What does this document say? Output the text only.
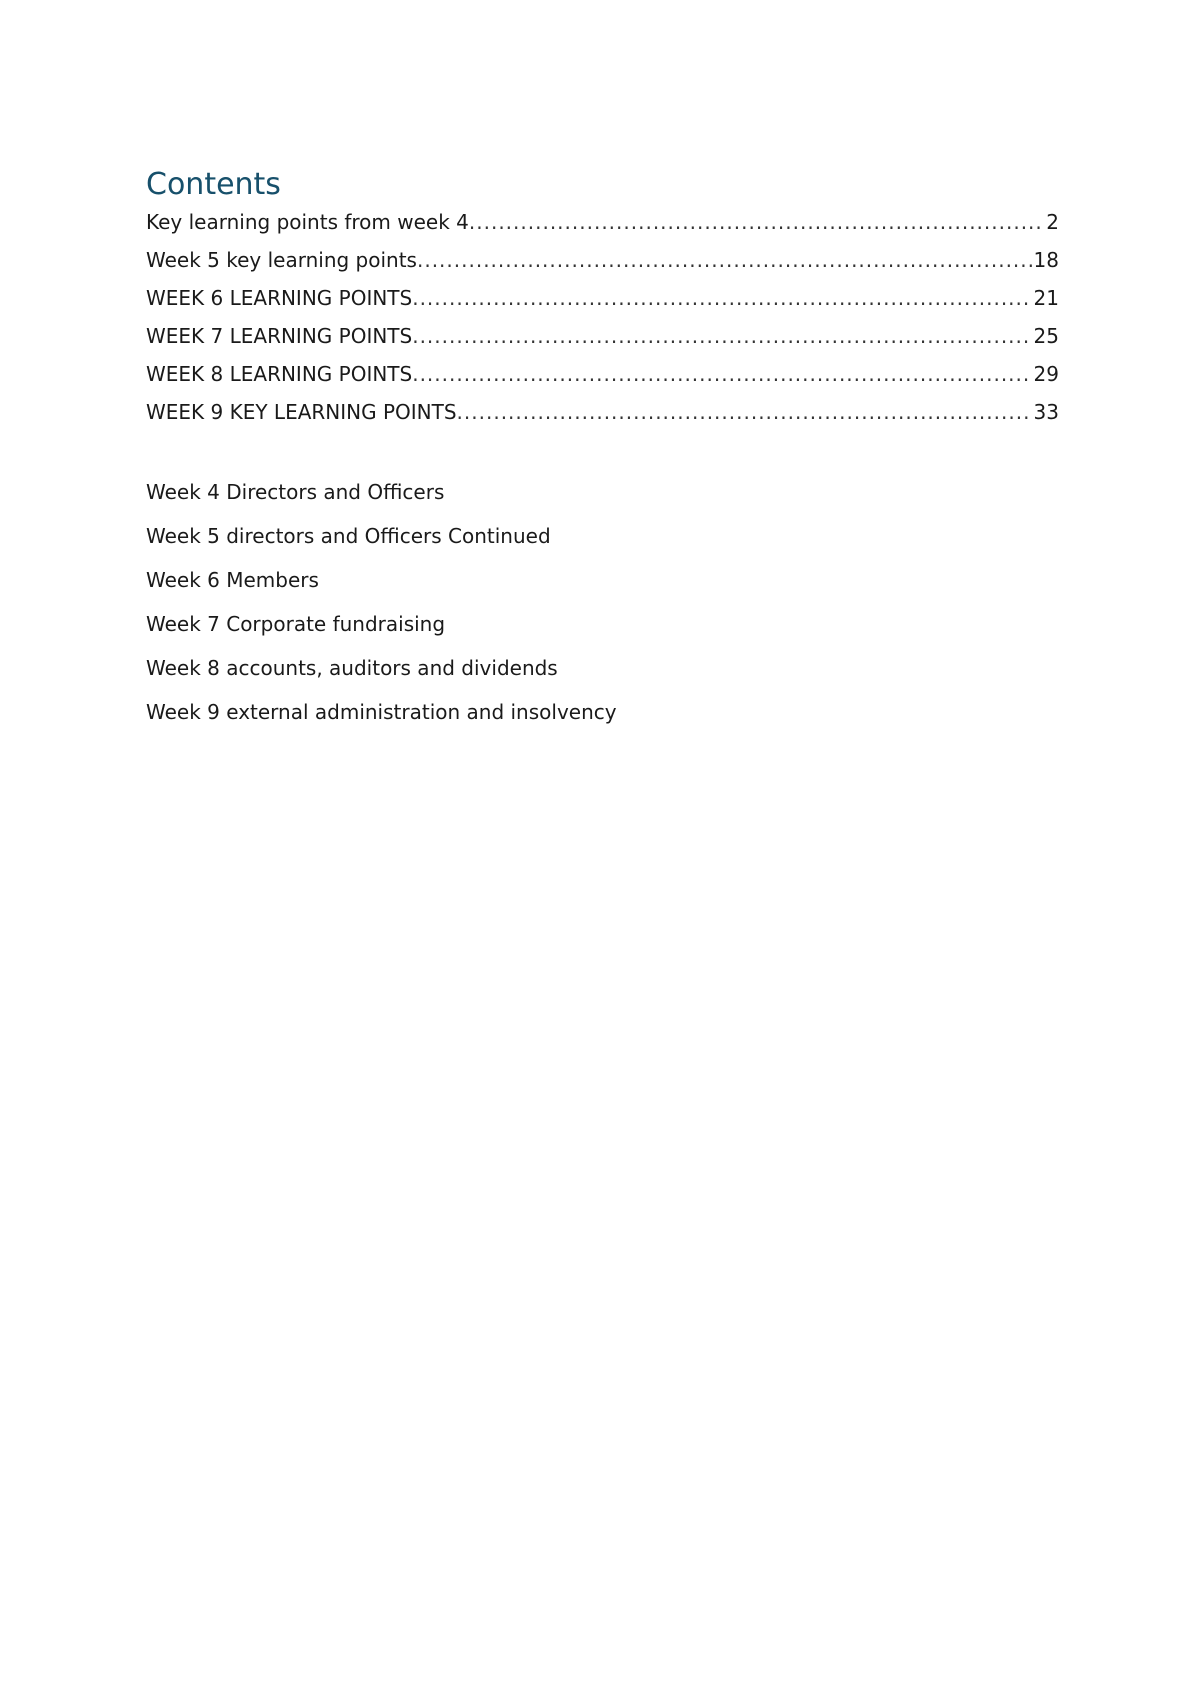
Contents
Key learning points from week 4 .....	2
Week 5 key learning points .....	18
WEEK 6 LEARNING POINTS .....	21
WEEK 7 LEARNING POINTS .....	25
WEEK 8 LEARNING POINTS .....	29
WEEK 9 KEY LEARNING POINTS .....	33
Week 4 Directors and Officers
Week 5 directors and Officers Continued
Week 6 Members
Week 7 Corporate fundraising
Week 8 accounts, auditors and dividends
Week 9 external administration and insolvency
